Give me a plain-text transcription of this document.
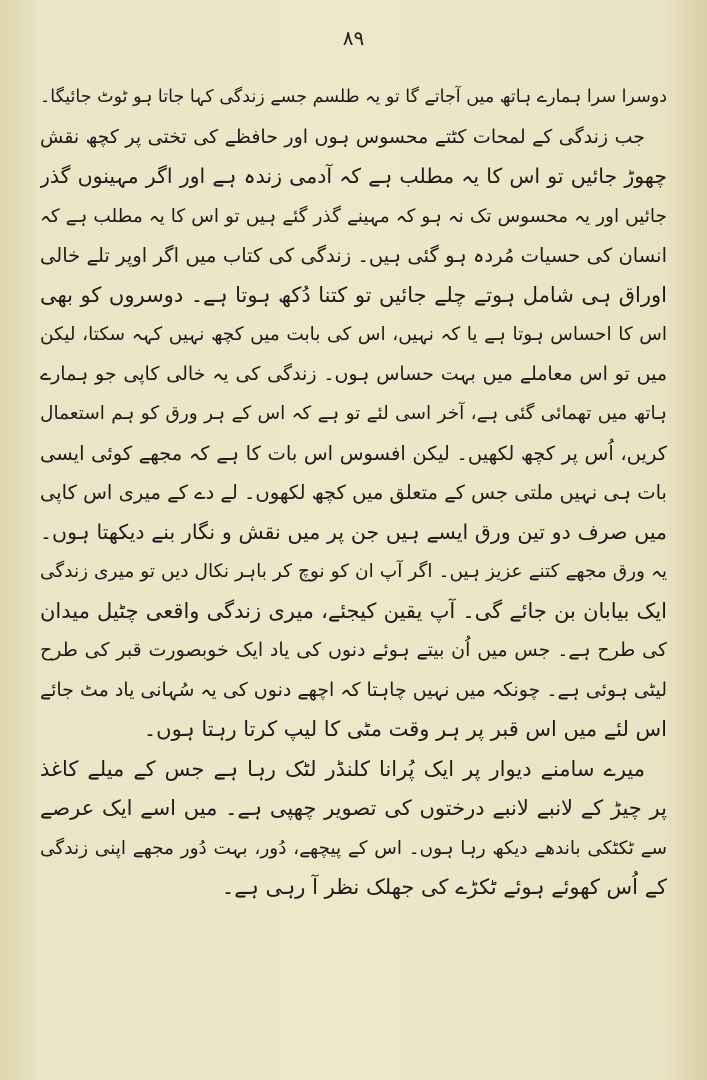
۸۹
دوسرا سرا ہمارے ہاتھ میں آجاتے گا تو یہ طلسم جسے زندگی کہا جاتا ہو ٹوٹ جائیگا۔
جب زندگی کے لمحات کٹتے محسوس ہوں اور حافظے کی تختی پر کچھ نقش
چھوڑ جائیں تو اس کا یہ مطلب ہے کہ آدمی زندہ ہے اور اگر مہینوں گذر
جائیں اور یہ محسوس تک نہ ہو کہ مہینے گذر گئے ہیں تو اس کا یہ مطلب ہے کہ
انسان کی حسیات مُردہ ہو گئی ہیں۔ زندگی کی کتاب میں اگر اوپر تلے خالی
اوراق ہی شامل ہوتے چلے جائیں تو کتنا دُکھ ہوتا ہے۔ دوسروں کو بھی
اس کا احساس ہوتا ہے یا کہ نہیں، اس کی بابت میں کچھ نہیں کہہ سکتا، لیکن
میں تو اس معاملے میں بہت حساس ہوں۔ زندگی کی یہ خالی کاپی جو ہمارے
ہاتھ میں تھمائی گئی ہے، آخر اسی لئے تو ہے کہ اس کے ہر ورق کو ہم استعمال
کریں، اُس پر کچھ لکھیں۔ لیکن افسوس اس بات کا ہے کہ مجھے کوئی ایسی
بات ہی نہیں ملتی جس کے متعلق میں کچھ لکھوں۔ لے دے کے میری اس کاپی
میں صرف دو تین ورق ایسے ہیں جن پر میں نقش و نگار بنے دیکھتا ہوں۔
یہ ورق مجھے کتنے عزیز ہیں۔ اگر آپ ان کو نوچ کر باہر نکال دیں تو میری زندگی
ایک بیابان بن جائے گی۔ آپ یقین کیجئے، میری زندگی واقعی چٹیل میدان
کی طرح ہے۔ جس میں اُن بیتے ہوئے دنوں کی یاد ایک خوبصورت قبر کی طرح
لیٹی ہوئی ہے۔ چونکہ میں نہیں چاہتا کہ اچھے دنوں کی یہ سُہانی یاد مٹ جائے
اس لئے میں اس قبر پر ہر وقت مٹی کا لیپ کرتا رہتا ہوں۔
میرے سامنے دیوار پر ایک پُرانا کلنڈر لٹک رہا ہے جس کے میلے کاغذ
پر چیڑ کے لانبے لانبے درختوں کی تصویر چھپی ہے۔ میں اسے ایک عرصے
سے ٹکٹکی باندھے دیکھ رہا ہوں۔ اس کے پیچھے، دُور، بہت دُور مجھے اپنی زندگی
کے اُس کھوئے ہوئے ٹکڑے کی جھلک نظر آ رہی ہے۔
